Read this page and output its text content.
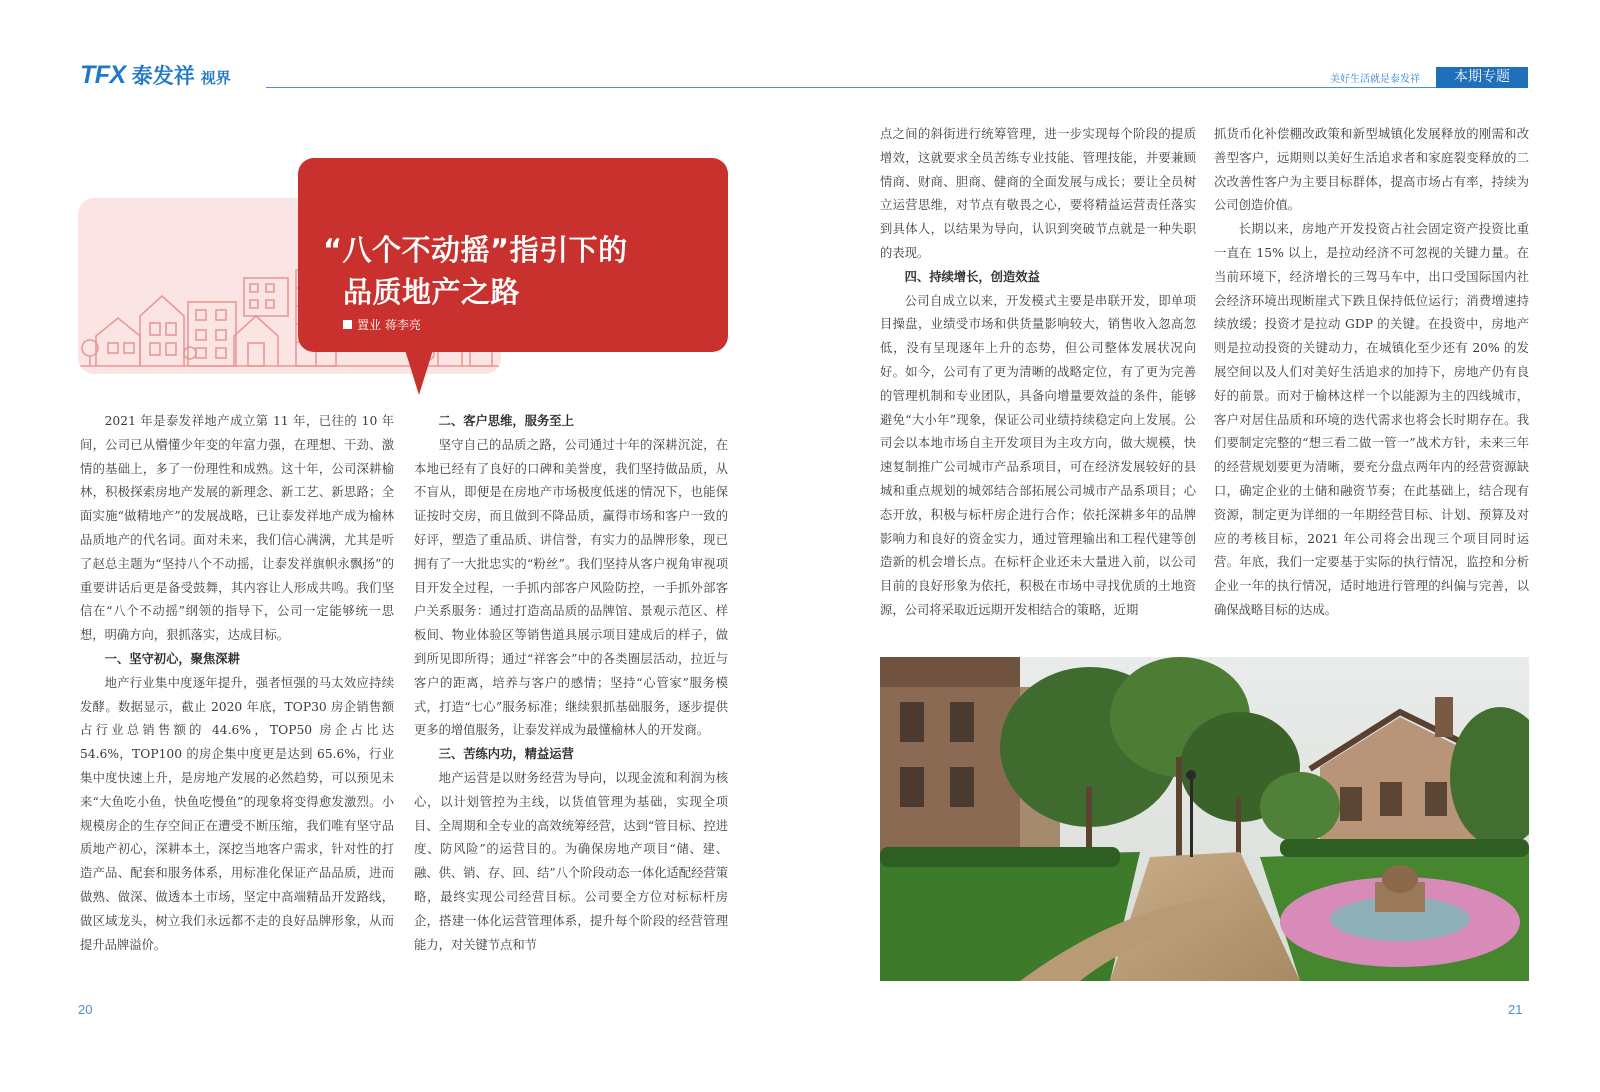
TFX 泰发祥 视界	美好生活就是泰发祥	本期专题
“八个不动摇”指引下的
品质地产之路
置业 蒋李亮

2021 年是泰发祥地产成立第 11 年，已往的 10 年间，公司已从懵懂少年变的年富力强，在理想、干劲、激情的基础上，多了一份理性和成熟。这十年，公司深耕榆林，积极探索房地产发展的新理念、新工艺、新思路；全面实施“做精地产”的发展战略，已让泰发祥地产成为榆林品质地产的代名词。面对未来，我们信心满满，尤其是听了赵总主题为“坚持八个不动摇，让泰发祥旗帜永飘扬”的重要讲话后更是备受鼓舞，其内容让人形成共鸣。我们坚信在“八个不动摇”纲领的指导下，公司一定能够统一思想，明确方向，狠抓落实，达成目标。

一、坚守初心，聚焦深耕

地产行业集中度逐年提升，强者恒强的马太效应持续发酵。数据显示，截止 2020 年底，TOP30 房企销售额占行业总销售额的 44.6%，TOP50 房企占比达 54.6%，TOP100 的房企集中度更是达到 65.6%，行业集中度快速上升，是房地产发展的必然趋势，可以预见未来“大鱼吃小鱼，快鱼吃慢鱼”的现象将变得愈发激烈。小规模房企的生存空间正在遭受不断压缩，我们唯有坚守品质地产初心，深耕本土，深挖当地客户需求，针对性的打造产品、配套和服务体系，用标准化保证产品品质，进而做熟、做深、做透本土市场，坚定中高端精品开发路线，做区域龙头，树立我们永远都不走的良好品牌形象，从而提升品牌溢价。

二、客户思维，服务至上

坚守自己的品质之路，公司通过十年的深耕沉淀，在本地已经有了良好的口碑和美誉度，我们坚持做品质，从不盲从，即便是在房地产市场极度低迷的情况下，也能保证按时交房，而且做到不降品质，赢得市场和客户一致的好评，塑造了重品质、讲信誉，有实力的品牌形象，现已拥有了一大批忠实的“粉丝”。我们坚持从客户视角审视项目开发全过程，一手抓内部客户风险防控，一手抓外部客户关系服务：通过打造高品质的品牌馆、景观示范区、样板间、物业体验区等销售道具展示项目建成后的样子，做到所见即所得；通过“祥客会”中的各类圈层活动，拉近与客户的距离，培养与客户的感情；坚持“心管家”服务模式，打造“七心”服务标准；继续狠抓基础服务，逐步提供更多的增值服务，让泰发祥成为最懂榆林人的开发商。

三、苦练内功，精益运营

地产运营是以财务经营为导向，以现金流和利润为核心，以计划管控为主线，以货值管理为基础，实现全项目、全周期和全专业的高效统筹经营，达到“管目标、控进度、防风险”的运营目的。为确保房地产项目“储、建、融、供、销、存、回、结”八个阶段动态一体化适配经营策略，最终实现公司经营目标。公司要全方位对标标杆房企，搭建一体化运营管理体系，提升每个阶段的经营管理能力，对关键节点和节

点之间的斜街进行统筹管理，进一步实现每个阶段的提质增效，这就要求全员苦练专业技能、管理技能，并要兼顾情商、财商、胆商、健商的全面发展与成长；要让全员树立运营思维，对节点有敬畏之心，要将精益运营责任落实到具体人，以结果为导向，认识到突破节点就是一种失职的表现。

四、持续增长，创造效益

公司自成立以来，开发模式主要是串联开发，即单项目操盘，业绩受市场和供货量影响较大，销售收入忽高忽低，没有呈现逐年上升的态势，但公司整体发展状况向好。如今，公司有了更为清晰的战略定位，有了更为完善的管理机制和专业团队，具备向增量要效益的条件，能够避免“大小年”现象，保证公司业绩持续稳定向上发展。公司会以本地市场自主开发项目为主攻方向，做大规模，快速复制推广公司城市产品系项目，可在经济发展较好的县城和重点规划的城郊结合部拓展公司城市产品系项目；心态开放，积极与标杆房企进行合作；依托深耕多年的品牌影响力和良好的资金实力，通过管理输出和工程代建等创造新的机会增长点。在标杆企业还未大量进入前，以公司目前的良好形象为依托，积极在市场中寻找优质的土地资源，公司将采取近远期开发相结合的策略，近期

抓货币化补偿棚改政策和新型城镇化发展释放的刚需和改善型客户，远期则以美好生活追求者和家庭裂变释放的二次改善性客户为主要目标群体，提高市场占有率，持续为公司创造价值。

长期以来，房地产开发投资占社会固定资产投资比重一直在 15% 以上，是拉动经济不可忽视的关键力量。在当前环境下，经济增长的三驾马车中，出口受国际国内社会经济环境出现断崖式下跌且保持低位运行；消费增速持续放缓；投资才是拉动 GDP 的关键。在投资中，房地产则是拉动投资的关键动力，在城镇化至少还有 20% 的发展空间以及人们对美好生活追求的加持下，房地产仍有良好的前景。而对于榆林这样一个以能源为主的四线城市，客户对居住品质和环境的迭代需求也将会长时期存在。我们要制定完整的“想三看二做一管一”战术方针，未来三年的经营规划要更为清晰，要充分盘点两年内的经营资源缺口，确定企业的土储和融资节奏；在此基础上，结合现有资源，制定更为详细的一年期经营目标、计划、预算及对应的考核目标，2021 年公司将会出现三个项目同时运营。年底，我们一定要基于实际的执行情况，监控和分析企业一年的执行情况，适时地进行管理的纠偏与完善，以确保战略目标的达成。

20	21
